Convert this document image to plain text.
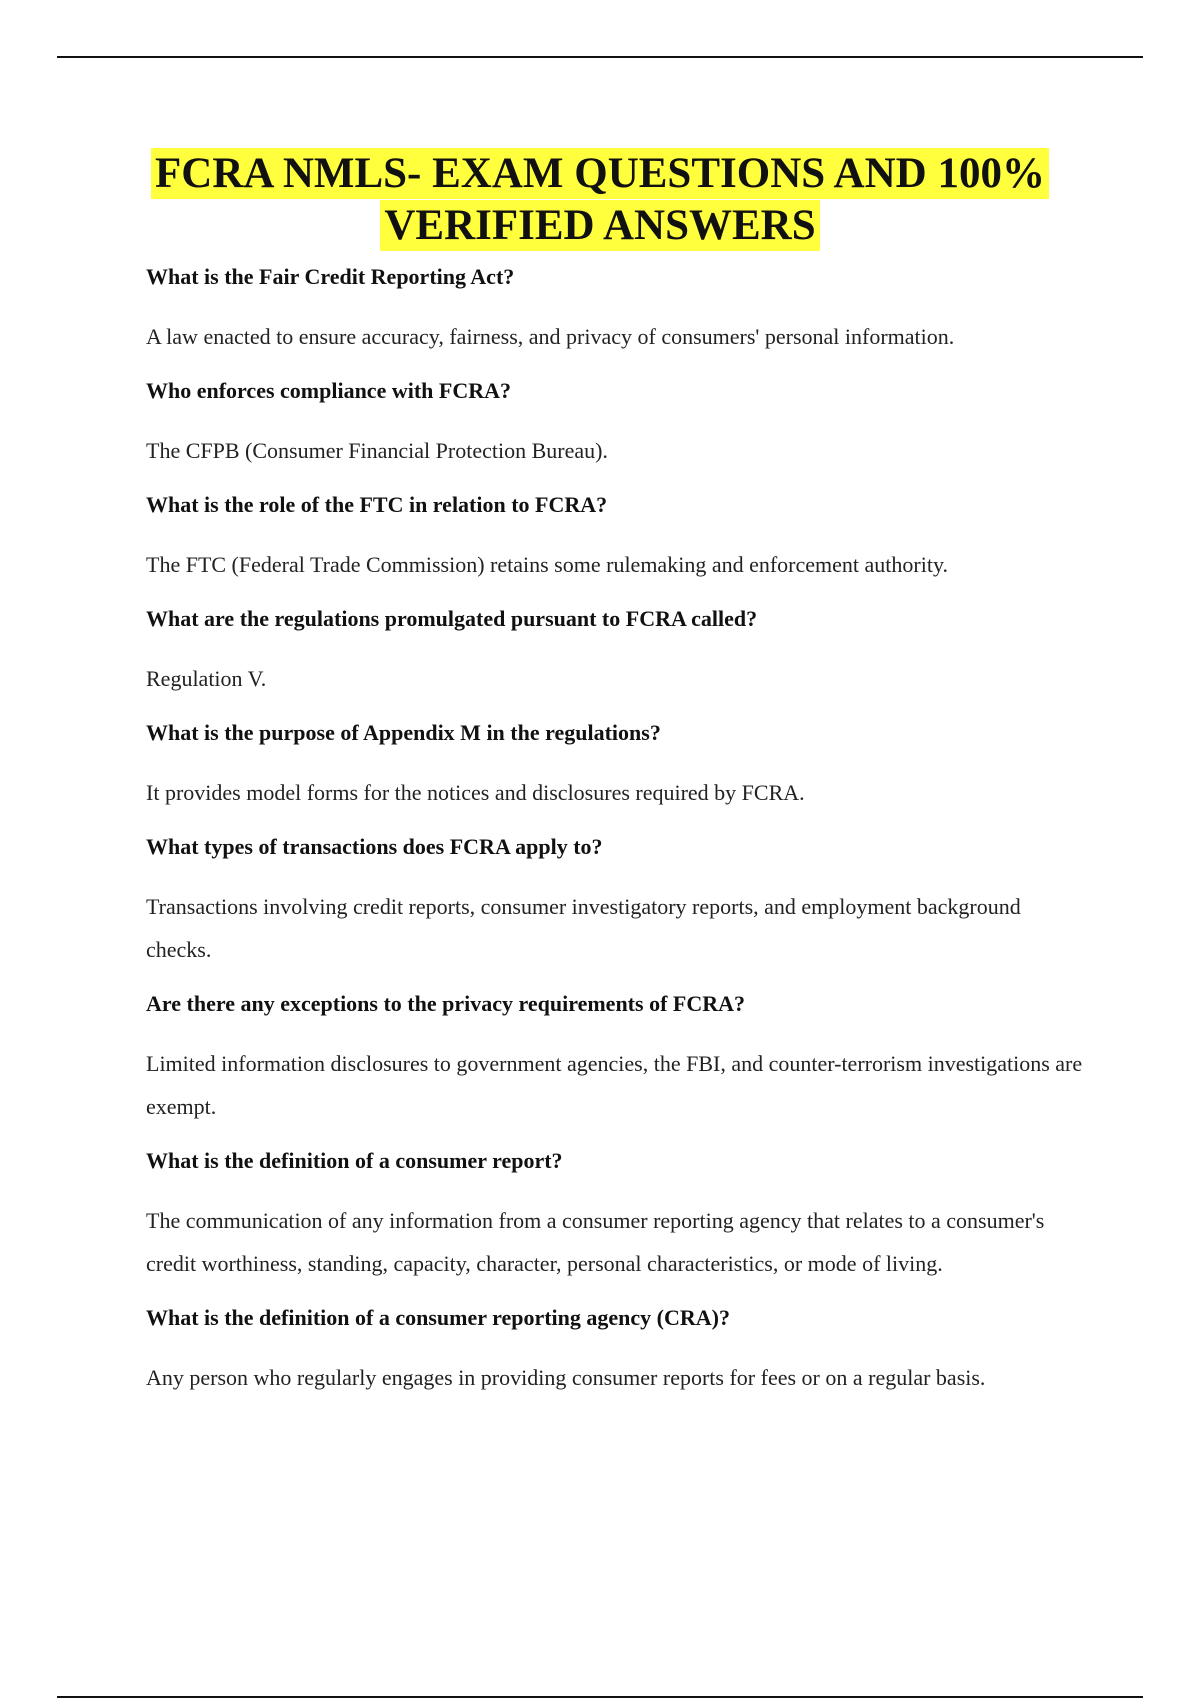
FCRA NMLS- EXAM QUESTIONS AND 100%
VERIFIED ANSWERS

What is the Fair Credit Reporting Act?

A law enacted to ensure accuracy, fairness, and privacy of consumers' personal information.

Who enforces compliance with FCRA?

The CFPB (Consumer Financial Protection Bureau).

What is the role of the FTC in relation to FCRA?

The FTC (Federal Trade Commission) retains some rulemaking and enforcement authority.

What are the regulations promulgated pursuant to FCRA called?

Regulation V.

What is the purpose of Appendix M in the regulations?

It provides model forms for the notices and disclosures required by FCRA.

What types of transactions does FCRA apply to?

Transactions involving credit reports, consumer investigatory reports, and employment background checks.

Are there any exceptions to the privacy requirements of FCRA?

Limited information disclosures to government agencies, the FBI, and counter-terrorism investigations are exempt.

What is the definition of a consumer report?

The communication of any information from a consumer reporting agency that relates to a consumer's credit worthiness, standing, capacity, character, personal characteristics, or mode of living.

What is the definition of a consumer reporting agency (CRA)?

Any person who regularly engages in providing consumer reports for fees or on a regular basis.
